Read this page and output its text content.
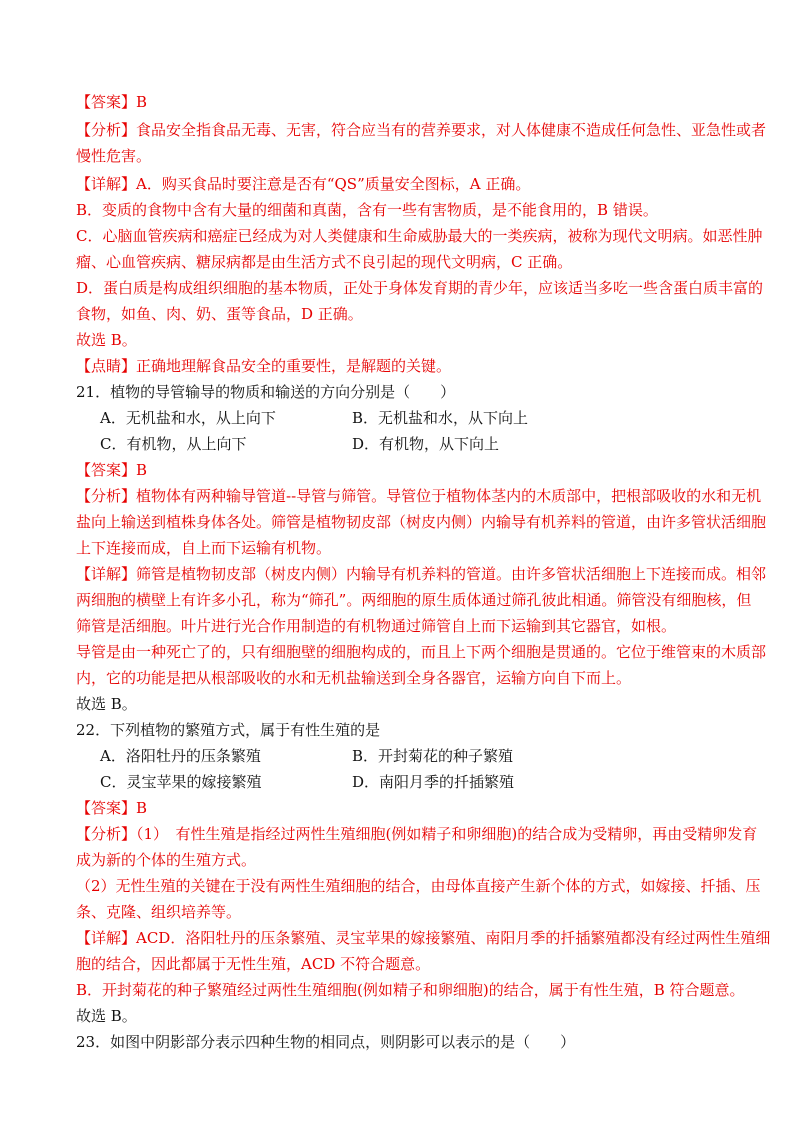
【答案】B
【分析】食品安全指食品无毒、无害，符合应当有的营养要求，对人体健康不造成任何急性、亚急性或者
慢性危害。
【详解】A．购买食品时要注意是否有“QS”质量安全图标，A 正确。
B．变质的食物中含有大量的细菌和真菌，含有一些有害物质，是不能食用的，B 错误。
C．心脑血管疾病和癌症已经成为对人类健康和生命威胁最大的一类疾病，被称为现代文明病。如恶性肿
瘤、心血管疾病、糖尿病都是由生活方式不良引起的现代文明病，C 正确。
D．蛋白质是构成组织细胞的基本物质，正处于身体发育期的青少年，应该适当多吃一些含蛋白质丰富的
食物，如鱼、肉、奶、蛋等食品，D 正确。
故选 B。
【点睛】正确地理解食品安全的重要性，是解题的关键。
21．植物的导管输导的物质和输送的方向分别是（　　）
A．无机盐和水，从上向下	B．无机盐和水，从下向上
C．有机物，从上向下	D．有机物，从下向上
【答案】B
【分析】植物体有两种输导管道--导管与筛管。导管位于植物体茎内的木质部中，把根部吸收的水和无机
盐向上输送到植株身体各处。筛管是植物韧皮部（树皮内侧）内输导有机养料的管道，由许多管状活细胞
上下连接而成，自上而下运输有机物。
【详解】筛管是植物韧皮部（树皮内侧）内输导有机养料的管道。由许多管状活细胞上下连接而成。相邻
两细胞的横壁上有许多小孔，称为“筛孔”。两细胞的原生质体通过筛孔彼此相通。筛管没有细胞核，但
筛管是活细胞。叶片进行光合作用制造的有机物通过筛管自上而下运输到其它器官，如根。
导管是由一种死亡了的，只有细胞壁的细胞构成的，而且上下两个细胞是贯通的。它位于维管束的木质部
内，它的功能是把从根部吸收的水和无机盐输送到全身各器官，运输方向自下而上。
故选 B。
22．下列植物的繁殖方式，属于有性生殖的是
A．洛阳牡丹的压条繁殖	B．开封菊花的种子繁殖
C．灵宝苹果的嫁接繁殖	D．南阳月季的扦插繁殖
【答案】B
【分析】（1）　有性生殖是指经过两性生殖细胞(例如精子和卵细胞)的结合成为受精卵，再由受精卵发育
成为新的个体的生殖方式。
（2）无性生殖的关键在于没有两性生殖细胞的结合，由母体直接产生新个体的方式，如嫁接、扦插、压
条、克隆、组织培养等。
【详解】ACD．洛阳牡丹的压条繁殖、灵宝苹果的嫁接繁殖、南阳月季的扦插繁殖都没有经过两性生殖细
胞的结合，因此都属于无性生殖，ACD 不符合题意。
B．开封菊花的种子繁殖经过两性生殖细胞(例如精子和卵细胞)的结合，属于有性生殖，B 符合题意。
故选 B。
23．如图中阴影部分表示四种生物的相同点，则阴影可以表示的是（　　）
